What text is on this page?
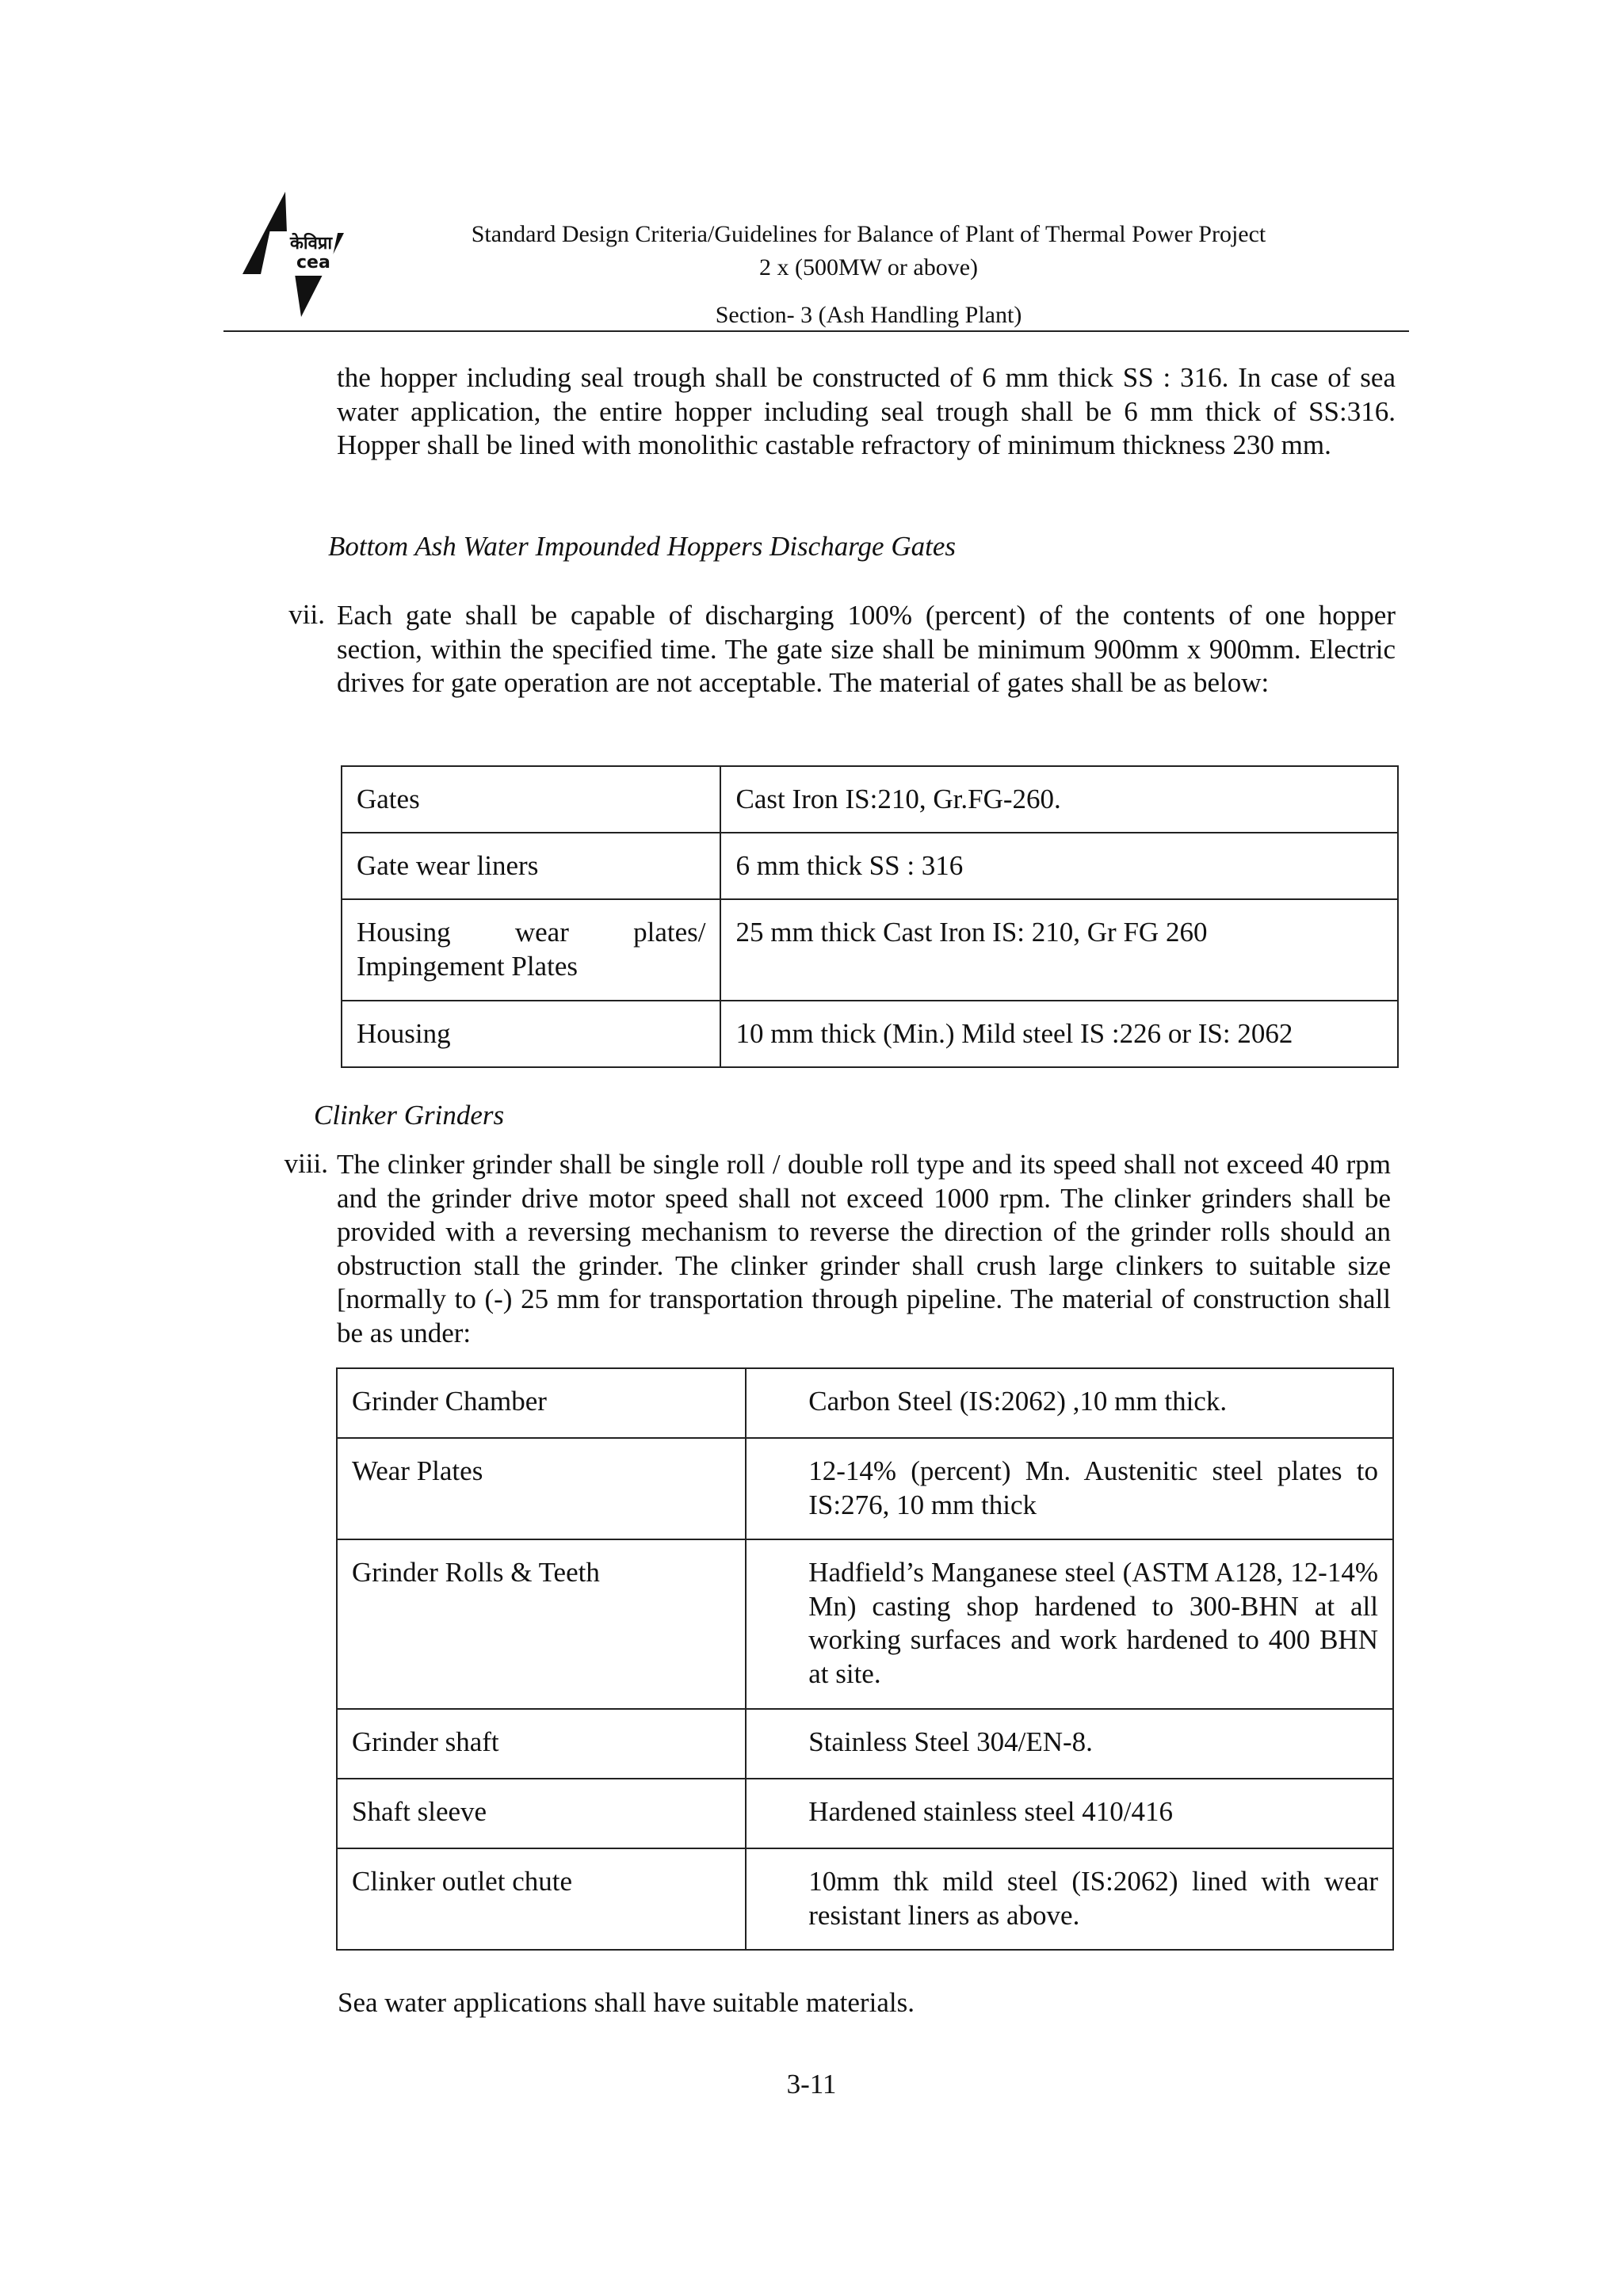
केविप्रा
cea
Standard Design Criteria/Guidelines for Balance of Plant of Thermal Power Project
2 x (500MW or above)
Section- 3 (Ash Handling Plant)
the hopper including seal trough shall be constructed of 6 mm thick SS : 316. In case of sea water application, the entire hopper including seal trough shall be 6 mm thick of SS:316. Hopper shall be lined with monolithic castable refractory of minimum thickness 230 mm.
Bottom Ash Water Impounded Hoppers Discharge Gates
vii. Each gate shall be capable of discharging 100% (percent) of the contents of one hopper section, within the specified time. The gate size shall be minimum 900mm x 900mm. Electric drives for gate operation are not acceptable. The material of gates shall be as below:
Gates	Cast Iron IS:210, Gr.FG-260.
Gate wear liners	6 mm thick SS : 316
Housing wear plates/ Impingement Plates	25 mm thick Cast Iron IS: 210, Gr FG 260
Housing	10 mm thick (Min.) Mild steel IS :226 or IS: 2062
Clinker Grinders
viii. The clinker grinder shall be single roll / double roll type and its speed shall not exceed 40 rpm and the grinder drive motor speed shall not exceed 1000 rpm. The clinker grinders shall be provided with a reversing mechanism to reverse the direction of the grinder rolls should an obstruction stall the grinder. The clinker grinder shall crush large clinkers to suitable size [normally to (-) 25 mm for transportation through pipeline. The material of construction shall be as under:
Grinder Chamber	Carbon Steel (IS:2062) ,10 mm thick.
Wear Plates	12-14% (percent) Mn. Austenitic steel plates to IS:276, 10 mm thick
Grinder Rolls & Teeth	Hadfield’s Manganese steel (ASTM A128, 12-14% Mn) casting shop hardened to 300-BHN at all working surfaces and work hardened to 400 BHN at site.
Grinder shaft	Stainless Steel 304/EN-8.
Shaft sleeve	Hardened stainless steel 410/416
Clinker outlet chute	10mm thk mild steel (IS:2062) lined with wear resistant liners as above.
Sea water applications shall have suitable materials.
3-11
